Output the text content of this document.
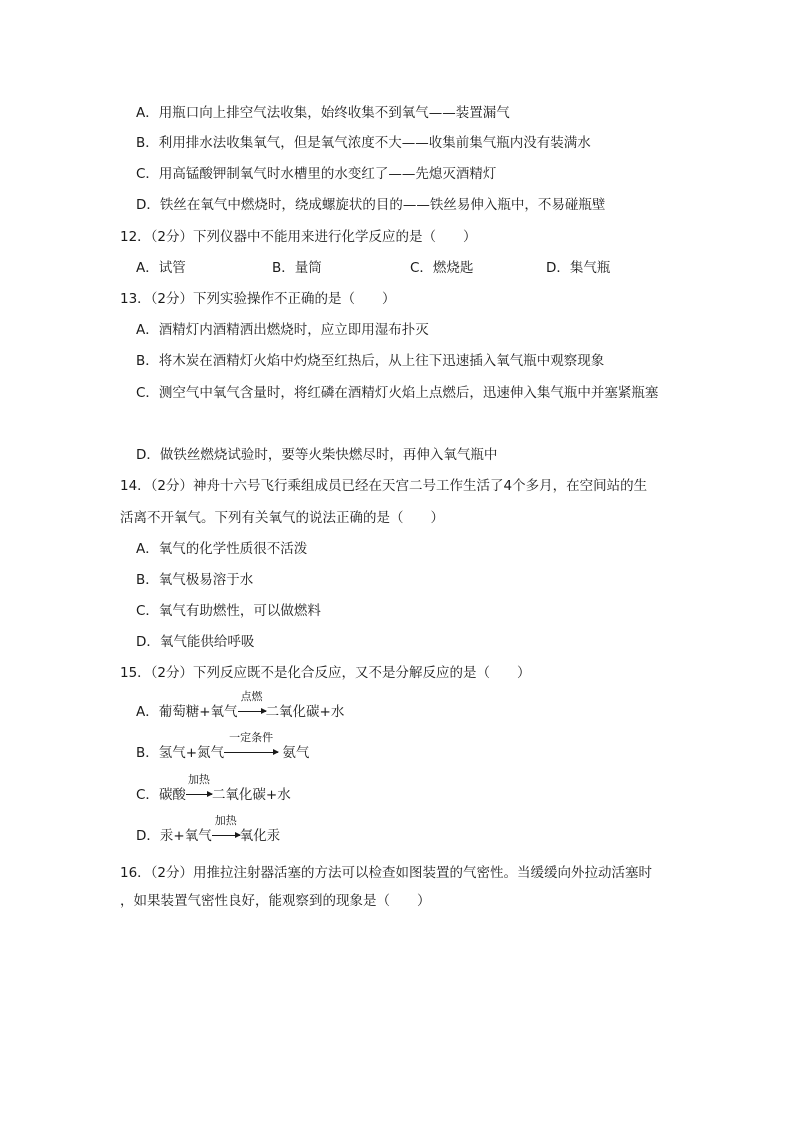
A．用瓶口向上排空气法收集，始终收集不到氧气——装置漏气
B．利用排水法收集氧气，但是氧气浓度不大——收集前集气瓶内没有装满水
C．用高锰酸钾制氧气时水槽里的水变红了——先熄灭酒精灯
D．铁丝在氧气中燃烧时，绕成螺旋状的目的——铁丝易伸入瓶中，不易碰瓶壁
12．（2分）下列仪器中不能用来进行化学反应的是（　　）
A．试管	B．量筒	C．燃烧匙	D．集气瓶
13．（2分）下列实验操作不正确的是（　　）
A．酒精灯内酒精洒出燃烧时，应立即用湿布扑灭
B．将木炭在酒精灯火焰中灼烧至红热后，从上往下迅速插入氧气瓶中观察现象
C．测空气中氧气含量时，将红磷在酒精灯火焰上点燃后，迅速伸入集气瓶中并塞紧瓶塞
D．做铁丝燃烧试验时，要等火柴快燃尽时，再伸入氧气瓶中
14．（2分）神舟十六号飞行乘组成员已经在天宫二号工作生活了4个多月，在空间站的生
活离不开氧气。下列有关氧气的说法正确的是（　　）
A．氧气的化学性质很不活泼
B．氧气极易溶于水
C．氧气有助燃性，可以做燃料
D．氧气能供给呼吸
15．（2分）下列反应既不是化合反应，又不是分解反应的是（　　）
A．葡萄糖+氧气
点燃
二氧化碳+水
B．氢气+氮气
一定条件
氨气
C．碳酸
加热
二氧化碳+水
D．汞+氧气
加热
氧化汞
16．（2分）用推拉注射器活塞的方法可以检查如图装置的气密性。当缓缓向外拉动活塞时
，如果装置气密性良好，能观察到的现象是（　　）
